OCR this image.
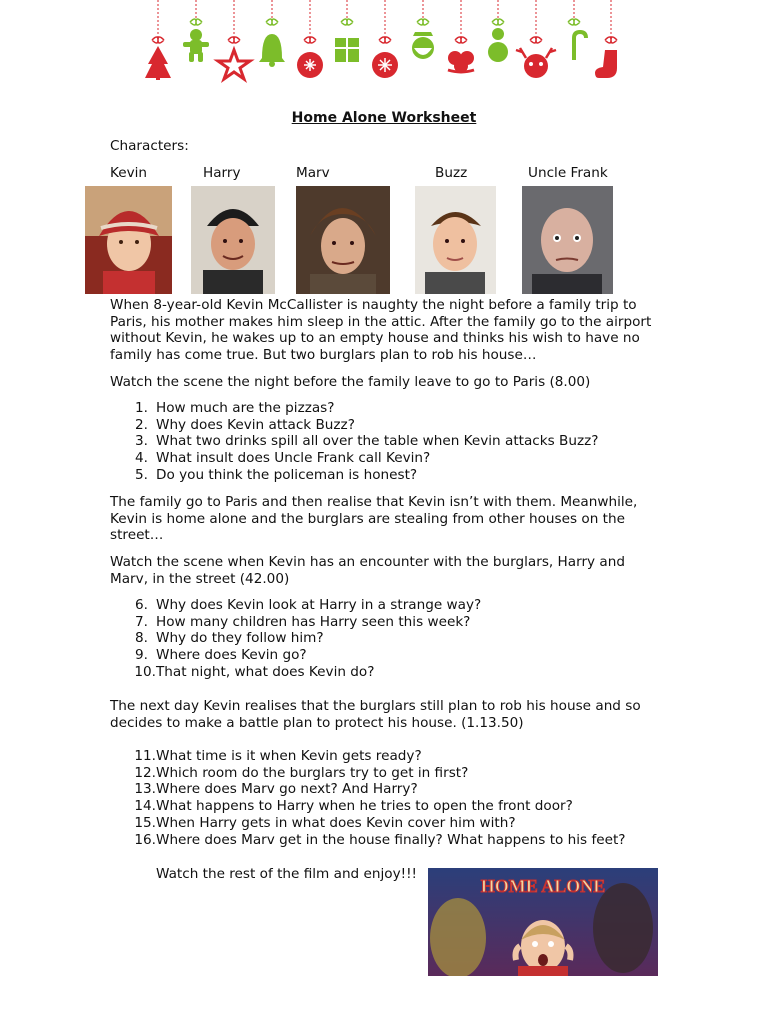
Home Alone Worksheet
Characters:
Kevin	Harry	Marv	Buzz	Uncle Frank
When 8-year-old Kevin McCallister is naughty the night before a family trip to Paris, his mother makes him sleep in the attic. After the family go to the airport without Kevin, he wakes up to an empty house and thinks his wish to have no family has come true. But two burglars plan to rob his house…
Watch the scene the night before the family leave to go to Paris (8.00)
1. How much are the pizzas?
2. Why does Kevin attack Buzz?
3. What two drinks spill all over the table when Kevin attacks Buzz?
4. What insult does Uncle Frank call Kevin?
5. Do you think the policeman is honest?
The family go to Paris and then realise that Kevin isn’t with them. Meanwhile, Kevin is home alone and the burglars are stealing from other houses on the street…
Watch the scene when Kevin has an encounter with the burglars, Harry and Marv, in the street (42.00)
6. Why does Kevin look at Harry in a strange way?
7. How many children has Harry seen this week?
8. Why do they follow him?
9. Where does Kevin go?
10. That night, what does Kevin do?
The next day Kevin realises that the burglars still plan to rob his house and so decides to make a battle plan to protect his house. (1.13.50)
11. What time is it when Kevin gets ready?
12. Which room do the burglars try to get in first?
13. Where does Marv go next? And Harry?
14. What happens to Harry when he tries to open the front door?
15. When Harry gets in what does Kevin cover him with?
16. Where does Marv get in the house finally? What happens to his feet?
Watch the rest of the film and enjoy!!!
HOME ALONE
